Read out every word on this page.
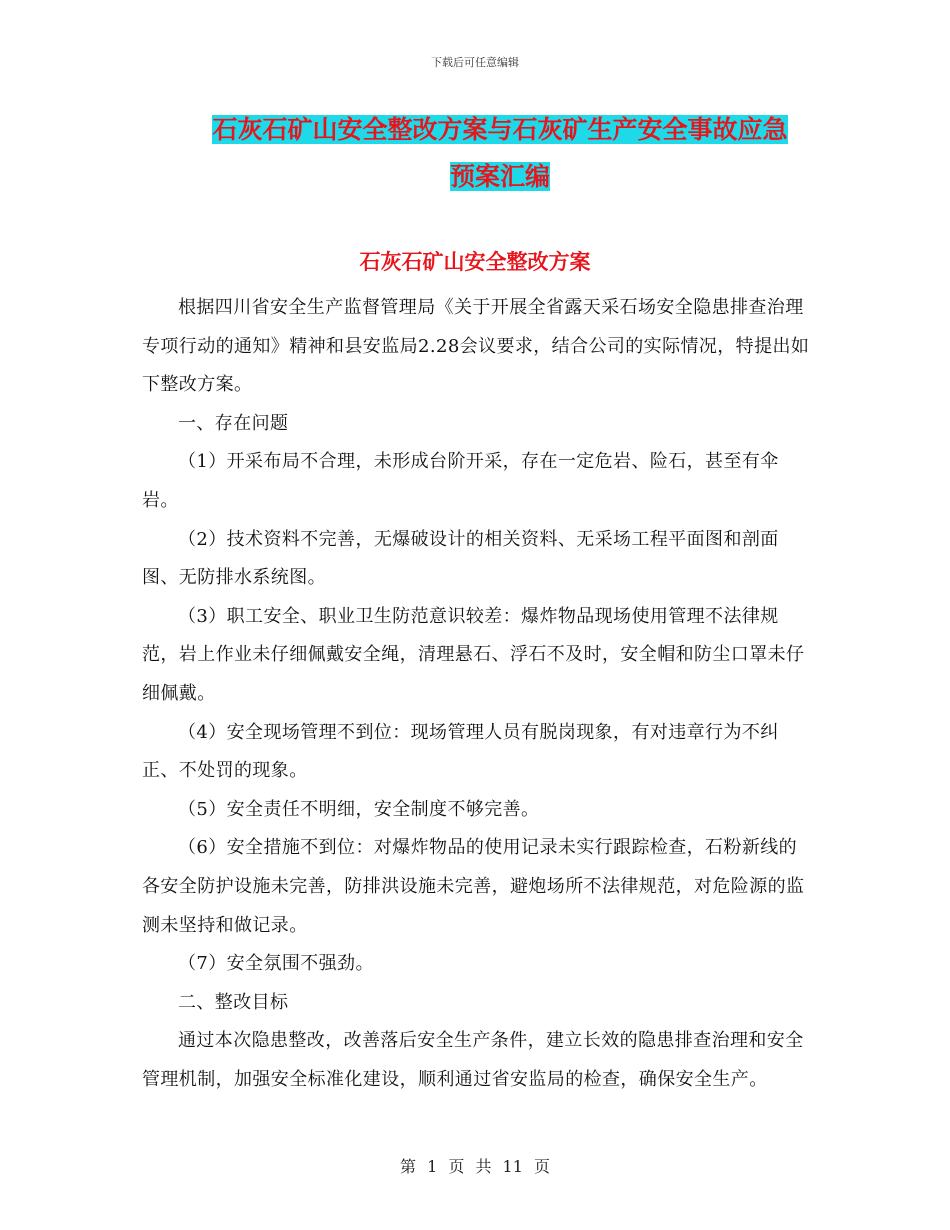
下载后可任意编辑
石灰石矿山安全整改方案与石灰矿生产安全事故应急
预案汇编
石灰石矿山安全整改方案

根据四川省安全生产监督管理局《关于开展全省露天采石场安全隐患排查治理专项行动的通知》精神和县安监局2.28会议要求，结合公司的实际情况，特提出如下整改方案。

一、存在问题

（1）开采布局不合理，未形成台阶开采，存在一定危岩、险石，甚至有伞岩。

（2）技术资料不完善，无爆破设计的相关资料、无采场工程平面图和剖面图、无防排水系统图。

（3）职工安全、职业卫生防范意识较差：爆炸物品现场使用管理不法律规范，岩上作业未仔细佩戴安全绳，清理悬石、浮石不及时，安全帽和防尘口罩未仔细佩戴。

（4）安全现场管理不到位：现场管理人员有脱岗现象，有对违章行为不纠正、不处罚的现象。

（5）安全责任不明细，安全制度不够完善。

（6）安全措施不到位：对爆炸物品的使用记录未实行跟踪检查，石粉新线的各安全防护设施未完善，防排洪设施未完善，避炮场所不法律规范，对危险源的监测未坚持和做记录。

（7）安全氛围不强劲。

二、整改目标

通过本次隐患整改，改善落后安全生产条件，建立长效的隐患排查治理和安全管理机制，加强安全标准化建设，顺利通过省安监局的检查，确保安全生产。

第 1 页 共 11 页
